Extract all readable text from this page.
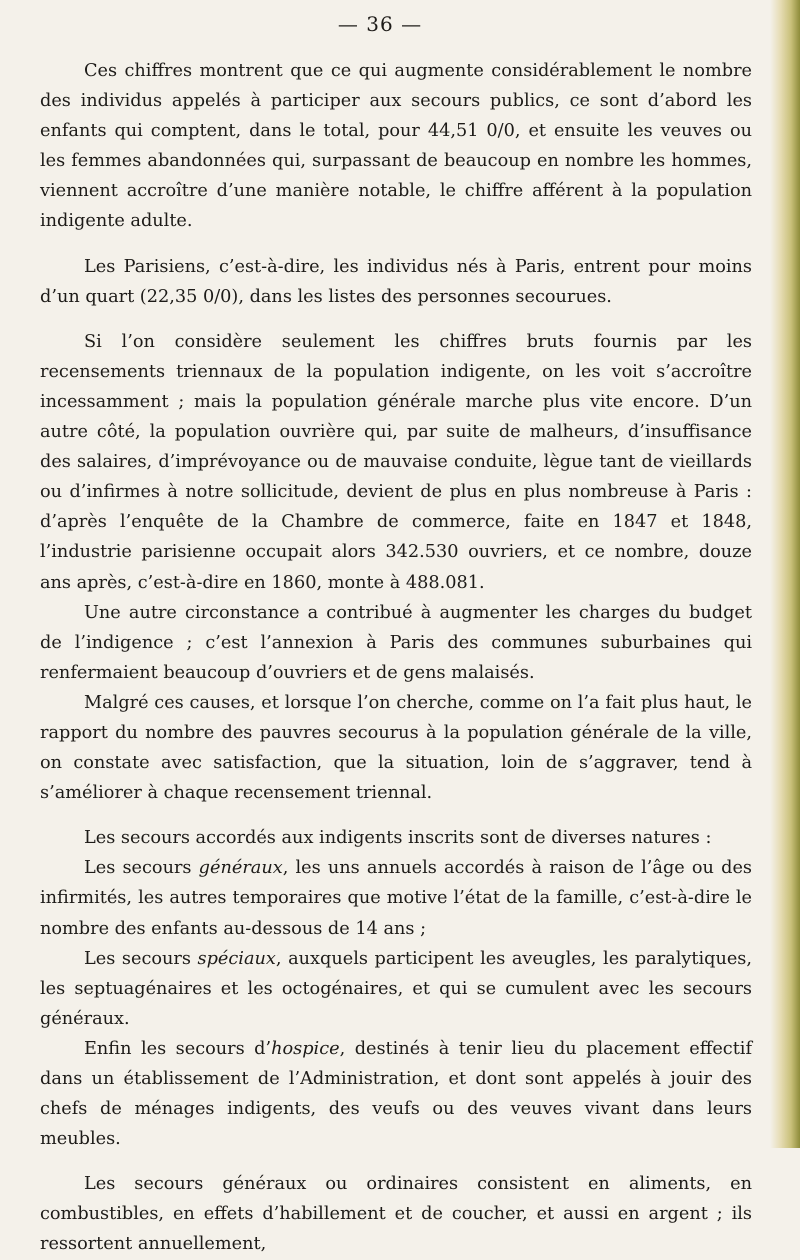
— 36 —

Ces chiffres montrent que ce qui augmente considérablement le nombre des individus appelés à participer aux secours publics, ce sont d’abord les enfants qui comptent, dans le total, pour 44,51 0/0, et ensuite les veuves ou les femmes abandonnées qui, surpassant de beaucoup en nombre les hommes, viennent accroître d’une manière notable, le chiffre afférent à la population indigente adulte.

Les Parisiens, c’est-à-dire, les individus nés à Paris, entrent pour moins d’un quart (22,35 0/0), dans les listes des personnes secourues.

Si l’on considère seulement les chiffres bruts fournis par les recensements triennaux de la population indigente, on les voit s’accroître incessamment ; mais la population générale marche plus vite encore. D’un autre côté, la population ouvrière qui, par suite de malheurs, d’insuffisance des salaires, d’imprévoyance ou de mauvaise conduite, lègue tant de vieillards ou d’infirmes à notre sollicitude, devient de plus en plus nombreuse à Paris : d’après l’enquête de la Chambre de commerce, faite en 1847 et 1848, l’industrie parisienne occupait alors 342.530 ouvriers, et ce nombre, douze ans après, c’est-à-dire en 1860, monte à 488.081.

Une autre circonstance a contribué à augmenter les charges du budget de l’indigence ; c’est l’annexion à Paris des communes suburbaines qui renfermaient beaucoup d’ouvriers et de gens malaisés.

Malgré ces causes, et lorsque l’on cherche, comme on l’a fait plus haut, le rapport du nombre des pauvres secourus à la population générale de la ville, on constate avec satisfaction, que la situation, loin de s’aggraver, tend à s’améliorer à chaque recensement triennal.

Les secours accordés aux indigents inscrits sont de diverses natures :

Les secours généraux, les uns annuels accordés à raison de l’âge ou des infirmités, les autres temporaires que motive l’état de la famille, c’est-à-dire le nombre des enfants au-dessous de 14 ans ;

Les secours spéciaux, auxquels participent les aveugles, les paralytiques, les septuagénaires et les octogénaires, et qui se cumulent avec les secours généraux.

Enfin les secours d’hospice, destinés à tenir lieu du placement effectif dans un établissement de l’Administration, et dont sont appelés à jouir des chefs de ménages indigents, des veufs ou des veuves vivant dans leurs meubles.

Les secours généraux ou ordinaires consistent en aliments, en combustibles, en effets d’habillement et de coucher, et aussi en argent ; ils ressortent annuellement,
